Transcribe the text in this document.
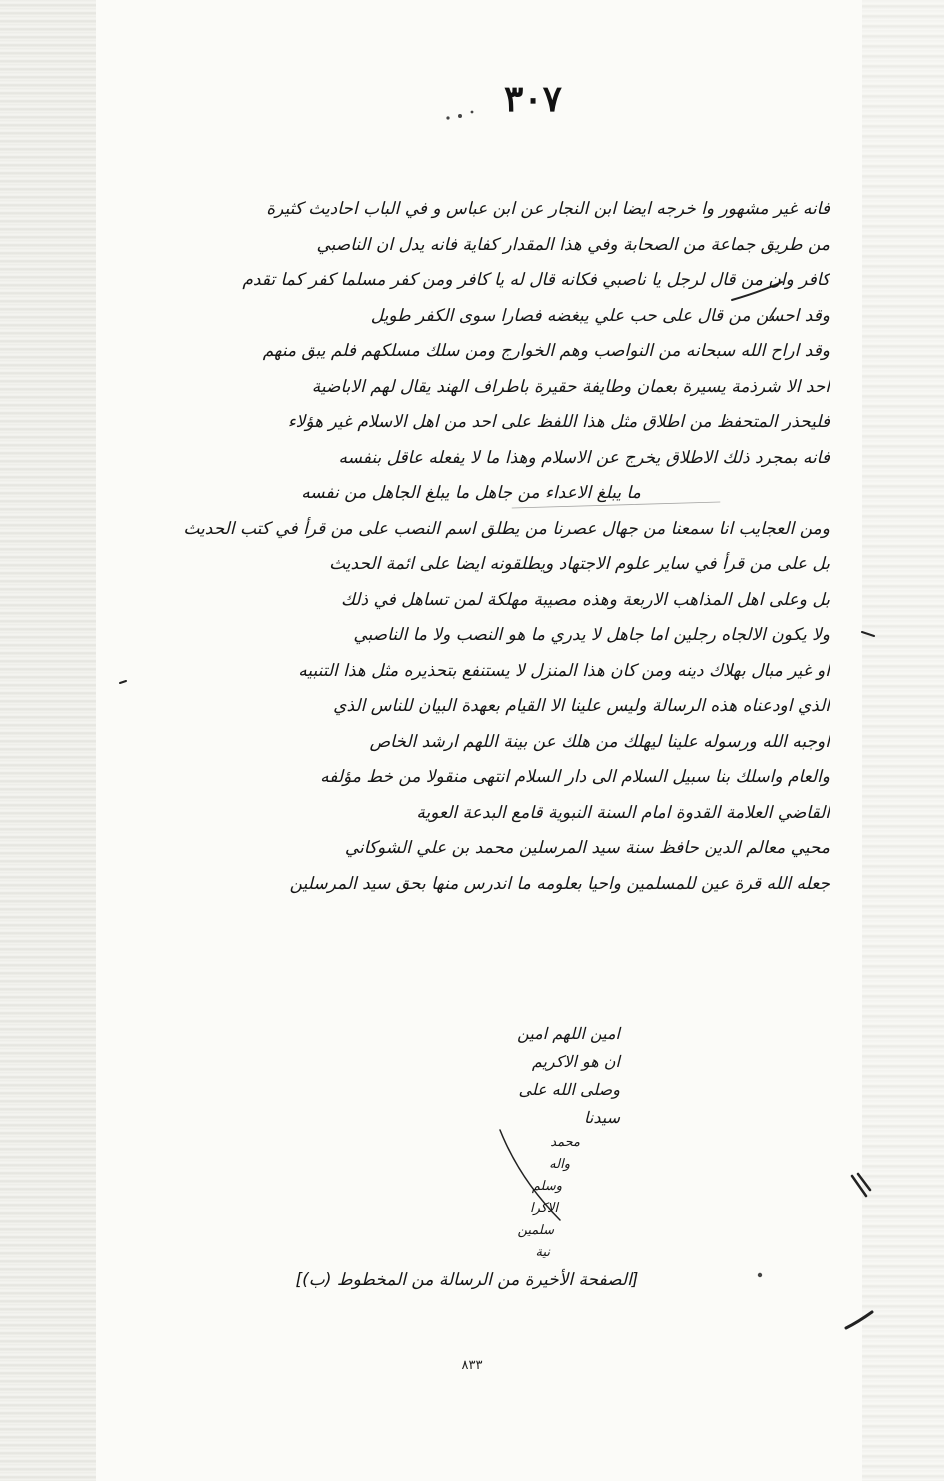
٣٠٧
فانه غير مشهور وا خرجه ايضا ابن النجار عن ابن عباس و في الباب احاديث كثيرة
من طريق جماعة من الصحابة وفي هذا المقدار كفاية فانه يدل ان الناصبي
كافر وان من قال لرجل يا ناصبي فكانه قال له يا كافر ومن كفر مسلما كفر كما تقدم
وقد احسن من قال على حب علي يبغضه فصارا سوى الكفر طويل
وقد اراح الله سبحانه من النواصب وهم الخوارج ومن سلك مسلكهم فلم يبق منهم
احد الا شرذمة يسيرة بعمان وطايفة حقيرة باطراف الهند يقال لهم الاباضية
فليحذر المتحفظ من اطلاق مثل هذا اللفظ على احد من اهل الاسلام غير هؤلاء
فانه بمجرد ذلك الاطلاق يخرج عن الاسلام وهذا ما لا يفعله عاقل بنفسه
ما يبلغ الاعداء من جاهل ما يبلغ الجاهل من نفسه
ومن العجايب انا سمعنا من جهال عصرنا من يطلق اسم النصب على من قرأ في كتب الحديث
بل على من قرأ في ساير علوم الاجتهاد ويطلقونه ايضا على ائمة الحديث
بل وعلى اهل المذاهب الاربعة وهذه مصيبة مهلكة لمن تساهل في ذلك
ولا يكون الالجاه رجلين اما جاهل لا يدري ما هو النصب ولا ما الناصبي
او غير مبال بهلاك دينه ومن كان هذا المنزل لا يستنفع بتحذيره مثل هذا التنبيه
الذي اودعناه هذه الرسالة وليس علينا الا القيام بعهدة البيان للناس الذي
اوجبه الله ورسوله علينا ليهلك من هلك عن بينة اللهم ارشد الخاص
والعام واسلك بنا سبيل السلام الى دار السلام انتهى منقولا من خط مؤلفه
القاضي العلامة القدوة امام السنة النبوية قامع البدعة العوية
محيي معالم الدين حافظ سنة سيد المرسلين محمد بن علي الشوكاني
جعله الله قرة عين للمسلمين واحيا بعلومه ما اندرس منها بحق سيد المرسلين
امين اللهم امين
ان هو الاكريم
وصلى الله على
سيدنا
محمد
واله
وسلم
الاكرا
سلمين
نية
[الصفحة الأخيرة من الرسالة من المخطوط (ب)]
٨٣٣
